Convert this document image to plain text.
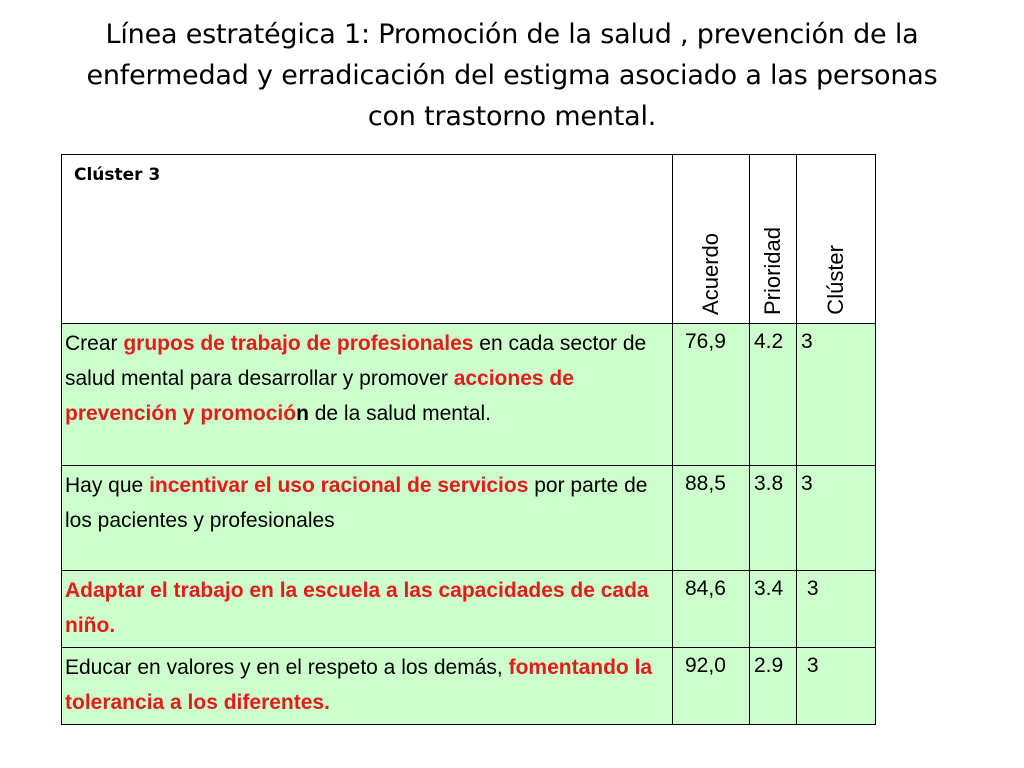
Línea estratégica 1: Promoción de la salud , prevención de la enfermedad y erradicación del estigma asociado a las personas con trastorno mental.
Clúster 3	Acuerdo	Prioridad	Clúster

Crear grupos de trabajo de profesionales en cada sector de salud mental para desarrollar y promover acciones de prevención y promoción de la salud mental.	76,9	4.2	3

Hay que incentivar el uso racional de servicios por parte de los pacientes y profesionales	88,5	3.8	3

Adaptar el trabajo en la escuela a las capacidades de cada niño.	84,6	3.4	3

Educar en valores y en el respeto a los demás, fomentando la tolerancia a los diferentes.	92,0	2.9	3
